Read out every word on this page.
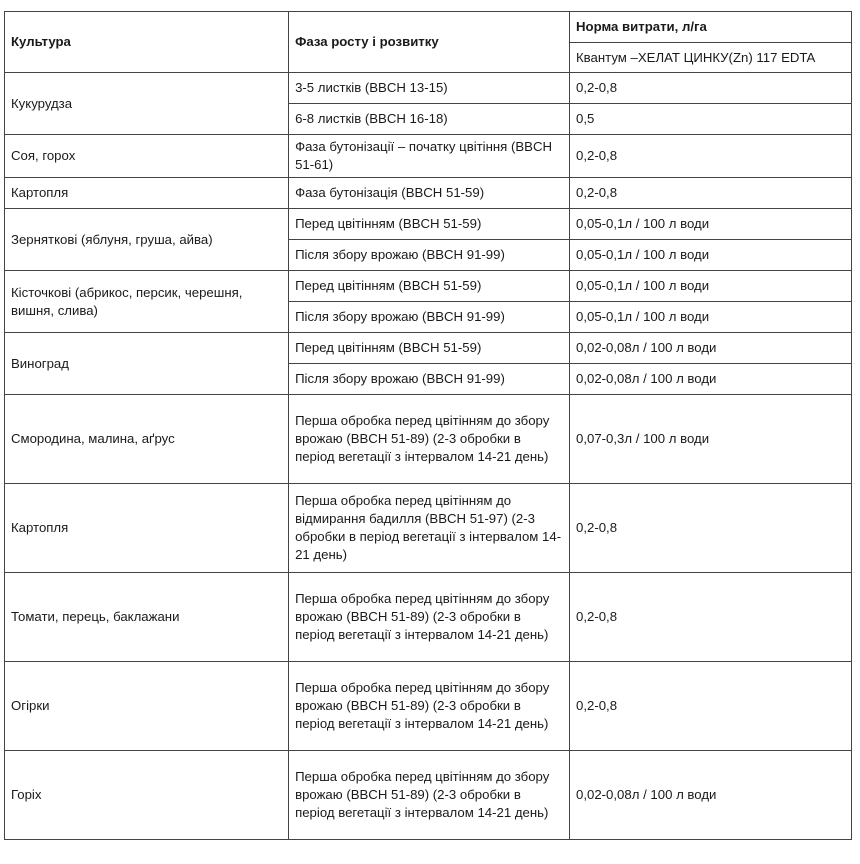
Культура	Фаза росту і розвитку	Норма витрати, л/га
		Квантум –ХЕЛАТ ЦИНКУ(Zn) 117 EDTA
Кукурудза	3-5 листків (BBCH 13-15)	0,2-0,8
	6-8 листків (BBCH 16-18)	0,5
Соя, горох	Фаза бутонізації – початку цвітіння (BBCH 51-61)	0,2-0,8
Картопля	Фаза бутонізація (BBCH 51-59)	0,2-0,8
Зерняткові (яблуня, груша, айва)	Перед цвітінням (BBCH 51-59)	0,05-0,1л / 100 л води
	Після збору врожаю (BBCH 91-99)	0,05-0,1л / 100 л води
Кісточкові (абрикос, персик, черешня, вишня, слива)	Перед цвітінням (BBCH 51-59)	0,05-0,1л / 100 л води
	Після збору врожаю (BBCH 91-99)	0,05-0,1л / 100 л води
Виноград	Перед цвітінням (BBCH 51-59)	0,02-0,08л / 100 л води
	Після збору врожаю (BBCH 91-99)	0,02-0,08л / 100 л води
Смородина, малина, аґрус	Перша обробка перед цвітінням до збору врожаю (BBCH 51-89) (2-3 обробки в період вегетації з інтервалом 14-21 день)	0,07-0,3л / 100 л води
Картопля	Перша обробка перед цвітінням до відмирання бадилля (BBCH 51-97) (2-3 обробки в період вегетації з інтервалом 14-21 день)	0,2-0,8
Томати, перець, баклажани	Перша обробка перед цвітінням до збору врожаю (BBCH 51-89) (2-3 обробки в період вегетації з інтервалом 14-21 день)	0,2-0,8
Огірки	Перша обробка перед цвітінням до збору врожаю (BBCH 51-89) (2-3 обробки в період вегетації з інтервалом 14-21 день)	0,2-0,8
Горіх	Перша обробка перед цвітінням до збору врожаю (BBCH 51-89) (2-3 обробки в період вегетації з інтервалом 14-21 день)	0,02-0,08л / 100 л води
